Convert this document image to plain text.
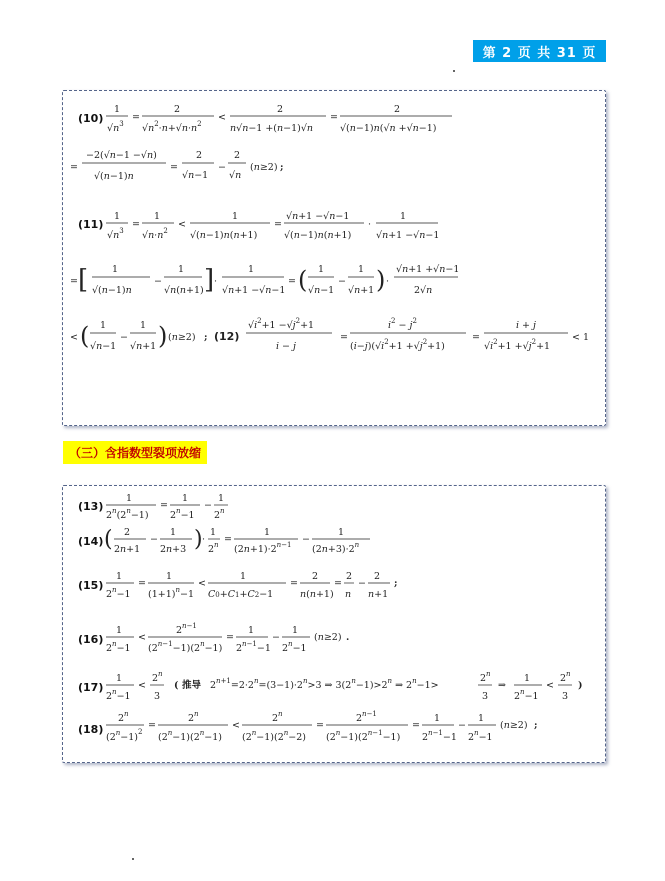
第 2 页 共 31 页
(10)
1
$√n^3$
=
2
$√n^2\cdot n+√n\cdot n^2$
<
2
n√n−1 +(n−1)√n
=
2
√(n−1)n(√n +√n−1)
=
−2(√n−1 −√n)
√(n−1)n
=
2
√n−1
−
2
√n
(n≥2) ;
(11)
1
$√n^3$
=
1
$√n\cdot n^2$
<
1
√(n−1)n(n+1)
=
√n+1 −√n−1
√(n−1)n(n+1)
·
1
√n+1 −√n−1
= [	1
√(n−1)n
−
1
√n(n+1) ] ·
1
√n+1 −√n−1
= ( 1
√n−1
−
1
√n+1 ) ·
√n+1 +√n−1
2√n
< ( 1
√n−1
−
1
√n+1 ) (n≥2) ; (12)
$√i^2+1 -√j^2+1$
i − j
=
$i^2 - j^2$
$(i-j)(√i^2+1 +√j^2+1)$
=
i + j
$√i^2+1 +√j^2+1$
< 1
（三）含指数型裂项放缩
(13)
1
$2^n(2^n-1)$
=
1
$2^n-1$
−
1
2$^n$
(14) ( 2
2n+1
−
1
2n+3 ) ·
1
$2^n$ =
1
$(2n+1)\cdot 2^{n-1}$ −
1
$(2n+3)\cdot 2^n$
(15)
1
$2^n-1$
=
1
$(1+1)^n-1$
<
1
C0+C1+C2−1
=
2
n(n+1)
=
2
n
−
2
n+1
;
(16)
1
$2^n-1$
<
$2^{n-1}$
$(2^{n-1}-1)(2^n-1)$
=
1
$2^{n-1}-1$
−
1
$2^n-1$
(n≥2) .
(17)
1
$2^n-1$
<
$2^n$
3
( 推导 $2^{n+1}=2\cdot 2^n=(3-1)\cdot 2^n>3$ ⇒ $3(2^n-1)>2^n$ ⇒ $2^n-1>$
$2^n$
3
⇒
1
$2^n-1$
<
$2^n$
3
)
(18)
2$^n$
$(2^n-1)^2$
=
$2^n$
$(2^n-1)(2^n-1)$
<
$2^n$
$(2^n-1)(2^n-2)$
=
$2^{n-1}$
$(2^n-1)(2^{n-1}-1)$
=
1
$2^{n-1}-1$
−
1
$2^n-1$
(n≥2) ;
